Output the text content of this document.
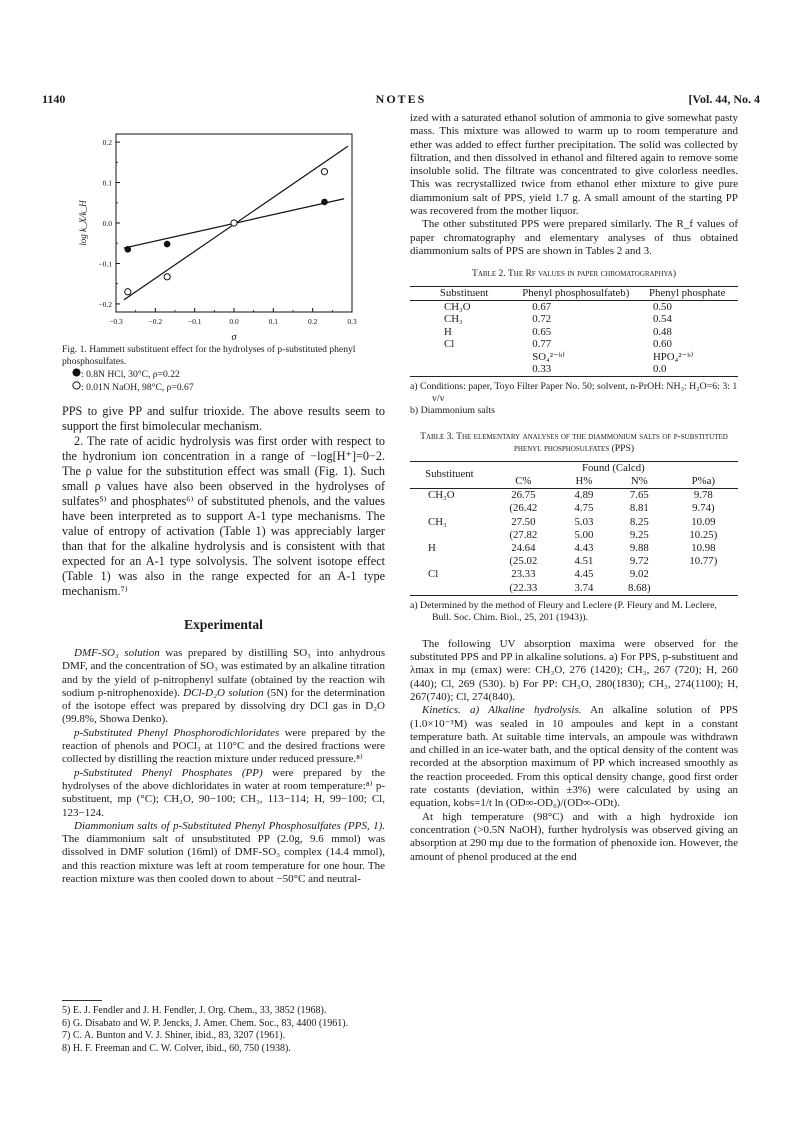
1140	NOTES	[Vol. 44, No. 4
−0.3	−0.2	−0.1	0.0	0.1	0.2	0.3
0.2
0.1
0.0
−0.1
−0.2
σ
log k_X/k_H
Fig. 1. Hammett substituent effect for the hydrolyses of p-substituted phenyl phosphosulfates.
: 0.8N HCl, 30°C, ρ=0.22
: 0.01N NaOH, 98°C, ρ=0.67

PPS to give PP and sulfur trioxide. The above results seem to support the first bimolecular mechanism.

2. The rate of acidic hydrolysis was first order with respect to the hydronium ion concentration in a range of −log[H⁺]=0−2. The ρ value for the substitution effect was small (Fig. 1). Such small ρ values have also been observed in the hydrolyses of sulfates⁵⁾ and phosphates⁶⁾ of substituted phenols, and the values have been interpreted as to support A-1 type mechanisms. The value of entropy of activation (Table 1) was appreciably larger than that for the alkaline hydrolysis and is consistent with that expected for an A-1 type solvolysis. The solvent isotope effect (Table 1) was also in the range expected for an A-1 type mechanism.⁷⁾

Experimental

DMF-SO₃ solution was prepared by distilling SO₃ into anhydrous DMF, and the concentration of SO₃ was estimated by an alkaline titration and by the yield of p-nitrophenyl sulfate (obtained by the reaction wih sodium p-nitrophenoxide). DCl-D₂O solution (5N) for the determination of the isotope effect was prepared by dissolving dry DCl gas in D₂O (99.8%, Showa Denko).

p-Substituted Phenyl Phosphorodichloridates were prepared by the reaction of phenols and POCl₃ at 110°C and the desired fractions were collected by distilling the reaction mixture under reduced pressure.⁸⁾

p-Substituted Phenyl Phosphates (PP) were prepared by the hydrolyses of the above dichloridates in water at room temperature:⁸⁾ p-substituent, mp (°C); CH₃O, 90−100; CH₃, 113−114; H, 99−100; Cl, 123−124.

Diammonium salts of p-Substituted Phenyl Phosphosulfates (PPS, 1). The diammonium salt of unsubstituted PP (2.0g, 9.6 mmol) was dissolved in DMF solution (16ml) of DMF-SO₃ complex (14.4 mmol), and this reaction mixture was left at room temperature for one hour. The reaction mixture was then cooled down to about −50°C and neutral-

5) E. J. Fendler and J. H. Fendler, J. Org. Chem., 33, 3852 (1968).
6) G. Disabato and W. P. Jencks, J. Amer. Chem. Soc., 83, 4400 (1961).
7) C. A. Bunton and V. J. Shiner, ibid., 83, 3207 (1961).
8) H. F. Freeman and C. W. Colver, ibid., 60, 750 (1938).

ized with a saturated ethanol solution of ammonia to give somewhat pasty mass. This mixture was allowed to warm up to room temperature and ether was added to effect further precipitation. The solid was collected by filtration, and then dissolved in ethanol and filtered again to remove some insoluble solid. The filtrate was concentrated to give colorless needles. This was recrystallized twice from ethanol ether mixture to give pure diammonium salt of PPS, yield 1.7 g. A small amount of the starting PP was recovered from the mother liquor.

The other substituted PPS were prepared similarly. The R_f values of paper chromatography and elementary analyses of thus obtained diammonium salts of PPS are shown in Tables 2 and 3.

Table 2. The Rf values in paper chromatographya)
Substituent	Phenyl phosphosulfateb)	Phenyl phosphate
CH₃O	0.67	0.50
CH₃	0.72	0.54
H	0.65	0.48
Cl	0.77	0.60
	SO₄²⁻ᵇ⁾	HPO₄²⁻ᵇ⁾
	0.33	0.0
a) Conditions: paper, Toyo Filter Paper No. 50; solvent, n-PrOH: NH₃: H₂O=6: 3: 1 v/v
b) Diammonium salts
Table 3. The elementary analyses of the diammonium salts of p-substituted phenyl phosphosulfates (PPS)
Substituent	Found (Calcd)			
	C%	H%	N%	P%a)
CH₃O	26.75	4.89	7.65	9.78
	(26.42	4.75	8.81	9.74)
CH₃	27.50	5.03	8.25	10.09
	(27.82	5.00	9.25	10.25)
H	24.64	4.43	9.88	10.98
	(25.02	4.51	9.72	10.77)
Cl	23.33	4.45	9.02	
	(22.33	3.74	8.68)	
a) Determined by the method of Fleury and Leclere (P. Fleury and M. Leclere, Bull. Soc. Chim. Biol., 25, 201 (1943)).

The following UV absorption maxima were observed for the substituted PPS and PP in alkaline solutions. a) For PPS, p-substituent and λmax in mμ (εmax) were: CH₃O, 276 (1420); CH₃, 267 (720); H, 260 (440); Cl, 269 (530). b) For PP: CH₃O, 280(1830); CH₃, 274(1100); H, 267(740); Cl, 274(840).

Kinetics. a) Alkaline hydrolysis. An alkaline solution of PPS (1.0×10⁻³M) was sealed in 10 ampoules and kept in a constant temperature bath. At suitable time intervals, an ampoule was withdrawn and chilled in an ice-water bath, and the optical density of the content was recorded at the absorption maximum of PP which increased smoothly as the reaction proceeded. From this optical density change, good first order rate costants (deviation, within ±3%) were calculated by using an equation, kobs=1/t ln (OD∞-OD₀)/(OD∞-ODt).

At high temperature (98°C) and with a high hydroxide ion concentration (>0.5N NaOH), further hydrolysis was observed giving an absorption at 290 mμ due to the formation of phenoxide ion. However, the amount of phenol produced at the end
